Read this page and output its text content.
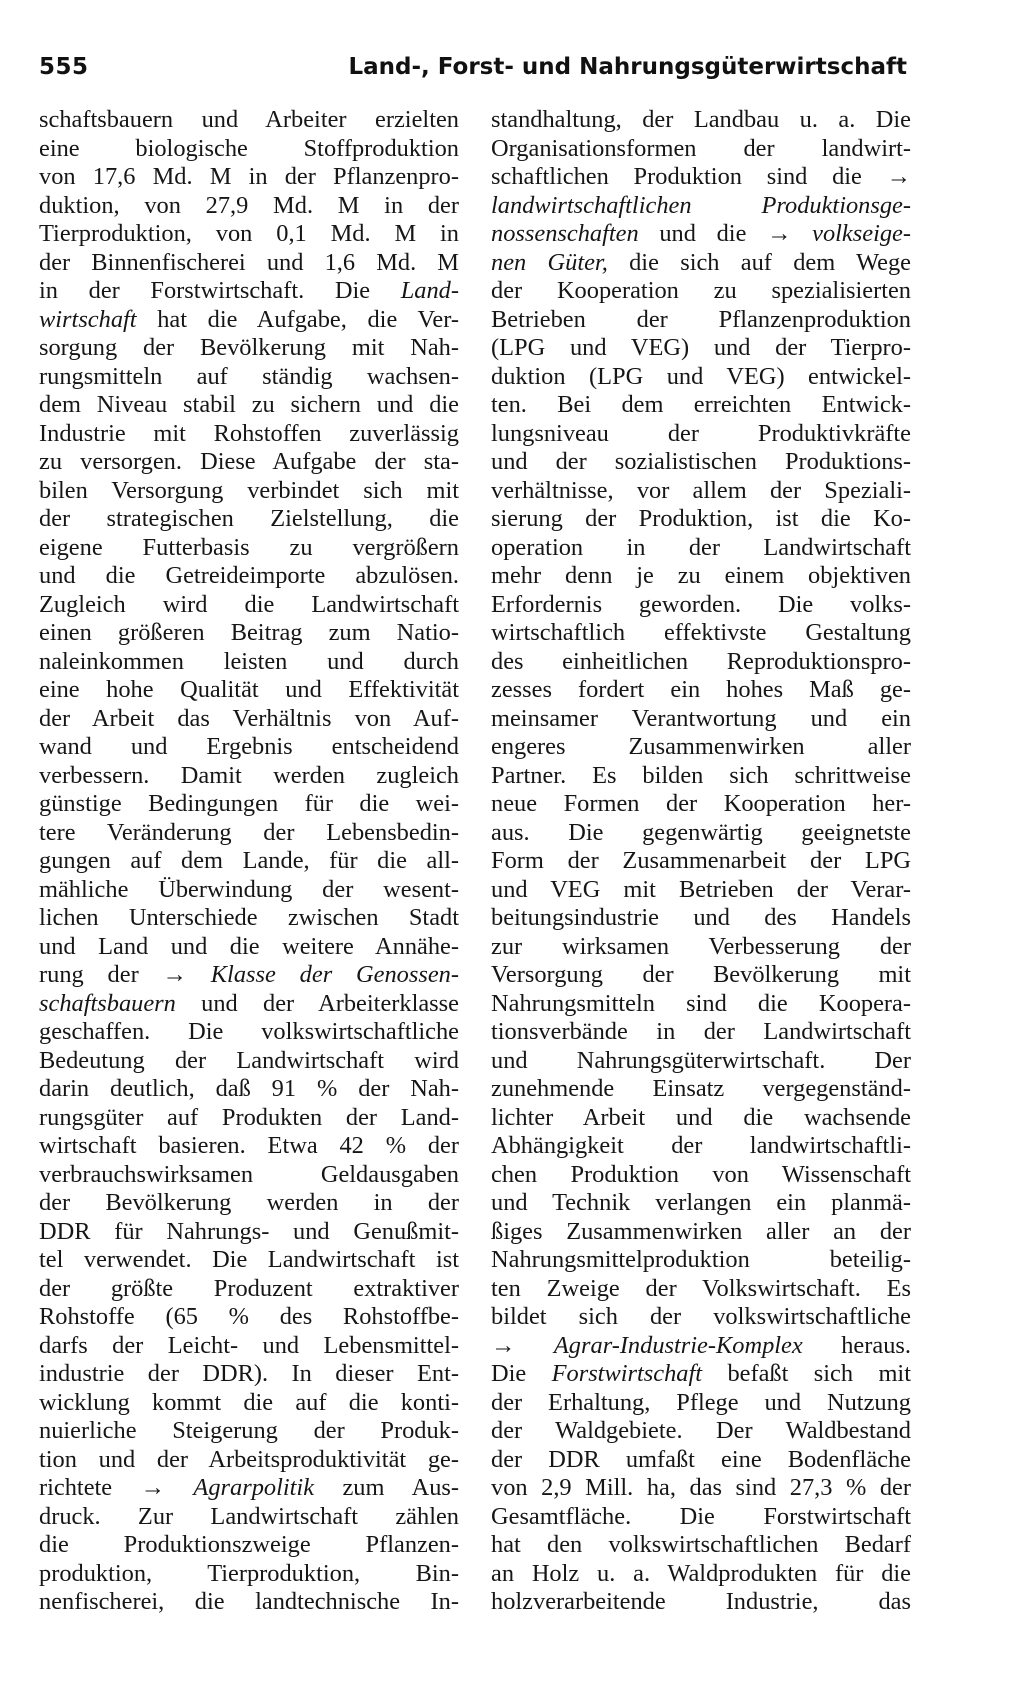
555	Land-, Forst- und Nahrungsgüterwirtschaft
schaftsbauern und Arbeiter erzielten
eine biologische Stoffproduktion
von 17,6 Md. M in der Pflanzenpro-
duktion, von 27,9 Md. M in der
Tierproduktion, von 0,1 Md. M in
der Binnenfischerei und 1,6 Md. M
in der Forstwirtschaft. Die Land-
wirtschaft hat die Aufgabe, die Ver-
sorgung der Bevölkerung mit Nah-
rungsmitteln auf ständig wachsen-
dem Niveau stabil zu sichern und die
Industrie mit Rohstoffen zuverlässig
zu versorgen. Diese Aufgabe der sta-
bilen Versorgung verbindet sich mit
der strategischen Zielstellung, die
eigene Futterbasis zu vergrößern
und die Getreideimporte abzulösen.
Zugleich wird die Landwirtschaft
einen größeren Beitrag zum Natio-
naleinkommen leisten und durch
eine hohe Qualität und Effektivität
der Arbeit das Verhältnis von Auf-
wand und Ergebnis entscheidend
verbessern. Damit werden zugleich
günstige Bedingungen für die wei-
tere Veränderung der Lebensbedin-
gungen auf dem Lande, für die all-
mähliche Überwindung der wesent-
lichen Unterschiede zwischen Stadt
und Land und die weitere Annähe-
rung der → Klasse der Genossen-
schaftsbauern und der Arbeiterklasse
geschaffen. Die volkswirtschaftliche
Bedeutung der Landwirtschaft wird
darin deutlich, daß 91 % der Nah-
rungsgüter auf Produkten der Land-
wirtschaft basieren. Etwa 42 % der
verbrauchswirksamen Geldausgaben
der Bevölkerung werden in der
DDR für Nahrungs- und Genußmit-
tel verwendet. Die Landwirtschaft ist
der größte Produzent extraktiver
Rohstoffe (65 % des Rohstoffbe-
darfs der Leicht- und Lebensmittel-
industrie der DDR). In dieser Ent-
wicklung kommt die auf die konti-
nuierliche Steigerung der Produk-
tion und der Arbeitsproduktivität ge-
richtete → Agrarpolitik zum Aus-
druck. Zur Landwirtschaft zählen
die Produktionszweige Pflanzen-
produktion, Tierproduktion, Bin-
nenfischerei, die landtechnische In-
standhaltung, der Landbau u. a. Die
Organisationsformen der landwirt-
schaftlichen Produktion sind die →
landwirtschaftlichen Produktionsge-
nossenschaften und die → volkseige-
nen Güter, die sich auf dem Wege
der Kooperation zu spezialisierten
Betrieben der Pflanzenproduktion
(LPG und VEG) und der Tierpro-
duktion (LPG und VEG) entwickel-
ten. Bei dem erreichten Entwick-
lungsniveau der Produktivkräfte
und der sozialistischen Produktions-
verhältnisse, vor allem der Speziali-
sierung der Produktion, ist die Ko-
operation in der Landwirtschaft
mehr denn je zu einem objektiven
Erfordernis geworden. Die volks-
wirtschaftlich effektivste Gestaltung
des einheitlichen Reproduktionspro-
zesses fordert ein hohes Maß ge-
meinsamer Verantwortung und ein
engeres Zusammenwirken aller
Partner. Es bilden sich schrittweise
neue Formen der Kooperation her-
aus. Die gegenwärtig geeignetste
Form der Zusammenarbeit der LPG
und VEG mit Betrieben der Verar-
beitungsindustrie und des Handels
zur wirksamen Verbesserung der
Versorgung der Bevölkerung mit
Nahrungsmitteln sind die Koopera-
tionsverbände in der Landwirtschaft
und Nahrungsgüterwirtschaft. Der
zunehmende Einsatz vergegenständ-
lichter Arbeit und die wachsende
Abhängigkeit der landwirtschaftli-
chen Produktion von Wissenschaft
und Technik verlangen ein planmä-
ßiges Zusammenwirken aller an der
Nahrungsmittelproduktion beteilig-
ten Zweige der Volkswirtschaft. Es
bildet sich der volkswirtschaftliche
→ Agrar-Industrie-Komplex heraus.
Die Forstwirtschaft befaßt sich mit
der Erhaltung, Pflege und Nutzung
der Waldgebiete. Der Waldbestand
der DDR umfaßt eine Bodenfläche
von 2,9 Mill. ha, das sind 27,3 % der
Gesamtfläche. Die Forstwirtschaft
hat den volkswirtschaftlichen Bedarf
an Holz u. a. Waldprodukten für die
holzverarbeitende Industrie, das
